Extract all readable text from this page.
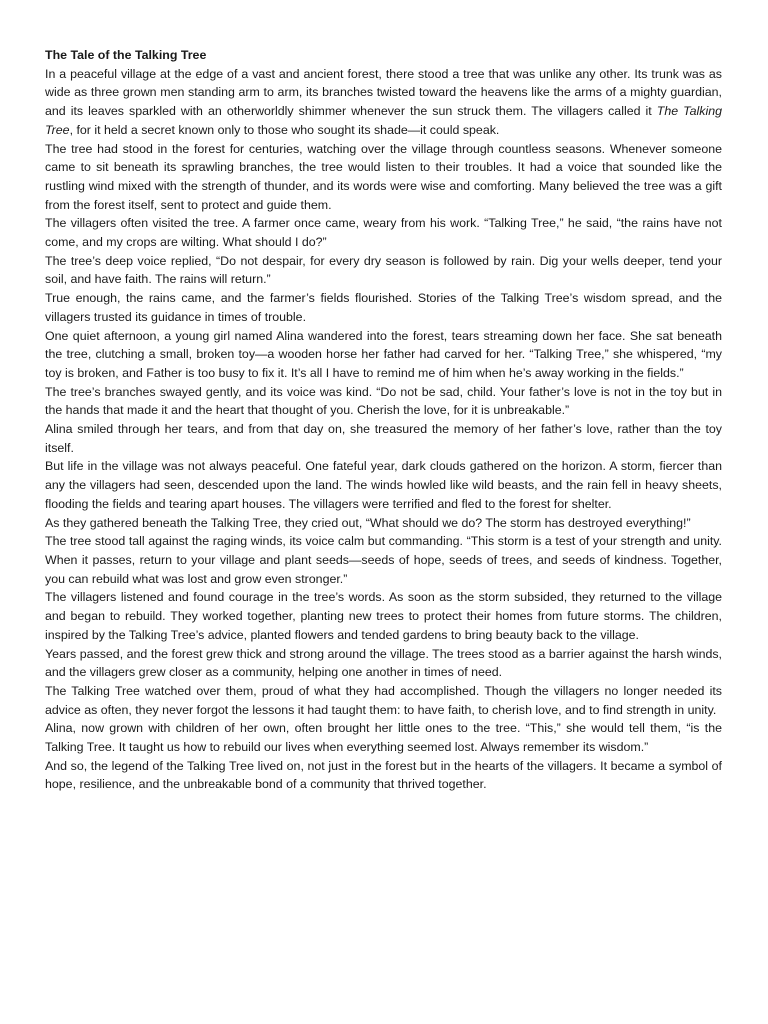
The Tale of the Talking Tree

In a peaceful village at the edge of a vast and ancient forest, there stood a tree that was unlike any other. Its trunk was as wide as three grown men standing arm to arm, its branches twisted toward the heavens like the arms of a mighty guardian, and its leaves sparkled with an otherworldly shimmer whenever the sun struck them. The villagers called it The Talking Tree, for it held a secret known only to those who sought its shade—it could speak.

The tree had stood in the forest for centuries, watching over the village through countless seasons. Whenever someone came to sit beneath its sprawling branches, the tree would listen to their troubles. It had a voice that sounded like the rustling wind mixed with the strength of thunder, and its words were wise and comforting. Many believed the tree was a gift from the forest itself, sent to protect and guide them.

The villagers often visited the tree. A farmer once came, weary from his work. “Talking Tree,” he said, “the rains have not come, and my crops are wilting. What should I do?”

The tree’s deep voice replied, “Do not despair, for every dry season is followed by rain. Dig your wells deeper, tend your soil, and have faith. The rains will return.”

True enough, the rains came, and the farmer’s fields flourished. Stories of the Talking Tree’s wisdom spread, and the villagers trusted its guidance in times of trouble.

One quiet afternoon, a young girl named Alina wandered into the forest, tears streaming down her face. She sat beneath the tree, clutching a small, broken toy—a wooden horse her father had carved for her. “Talking Tree,” she whispered, “my toy is broken, and Father is too busy to fix it. It’s all I have to remind me of him when he’s away working in the fields.”

The tree’s branches swayed gently, and its voice was kind. “Do not be sad, child. Your father’s love is not in the toy but in the hands that made it and the heart that thought of you. Cherish the love, for it is unbreakable.”

Alina smiled through her tears, and from that day on, she treasured the memory of her father’s love, rather than the toy itself.

But life in the village was not always peaceful. One fateful year, dark clouds gathered on the horizon. A storm, fiercer than any the villagers had seen, descended upon the land. The winds howled like wild beasts, and the rain fell in heavy sheets, flooding the fields and tearing apart houses. The villagers were terrified and fled to the forest for shelter.

As they gathered beneath the Talking Tree, they cried out, “What should we do? The storm has destroyed everything!”

The tree stood tall against the raging winds, its voice calm but commanding. “This storm is a test of your strength and unity. When it passes, return to your village and plant seeds—seeds of hope, seeds of trees, and seeds of kindness. Together, you can rebuild what was lost and grow even stronger.”

The villagers listened and found courage in the tree’s words. As soon as the storm subsided, they returned to the village and began to rebuild. They worked together, planting new trees to protect their homes from future storms. The children, inspired by the Talking Tree’s advice, planted flowers and tended gardens to bring beauty back to the village.

Years passed, and the forest grew thick and strong around the village. The trees stood as a barrier against the harsh winds, and the villagers grew closer as a community, helping one another in times of need.

The Talking Tree watched over them, proud of what they had accomplished. Though the villagers no longer needed its advice as often, they never forgot the lessons it had taught them: to have faith, to cherish love, and to find strength in unity.

Alina, now grown with children of her own, often brought her little ones to the tree. “This,” she would tell them, “is the Talking Tree. It taught us how to rebuild our lives when everything seemed lost. Always remember its wisdom.”

And so, the legend of the Talking Tree lived on, not just in the forest but in the hearts of the villagers. It became a symbol of hope, resilience, and the unbreakable bond of a community that thrived together.
